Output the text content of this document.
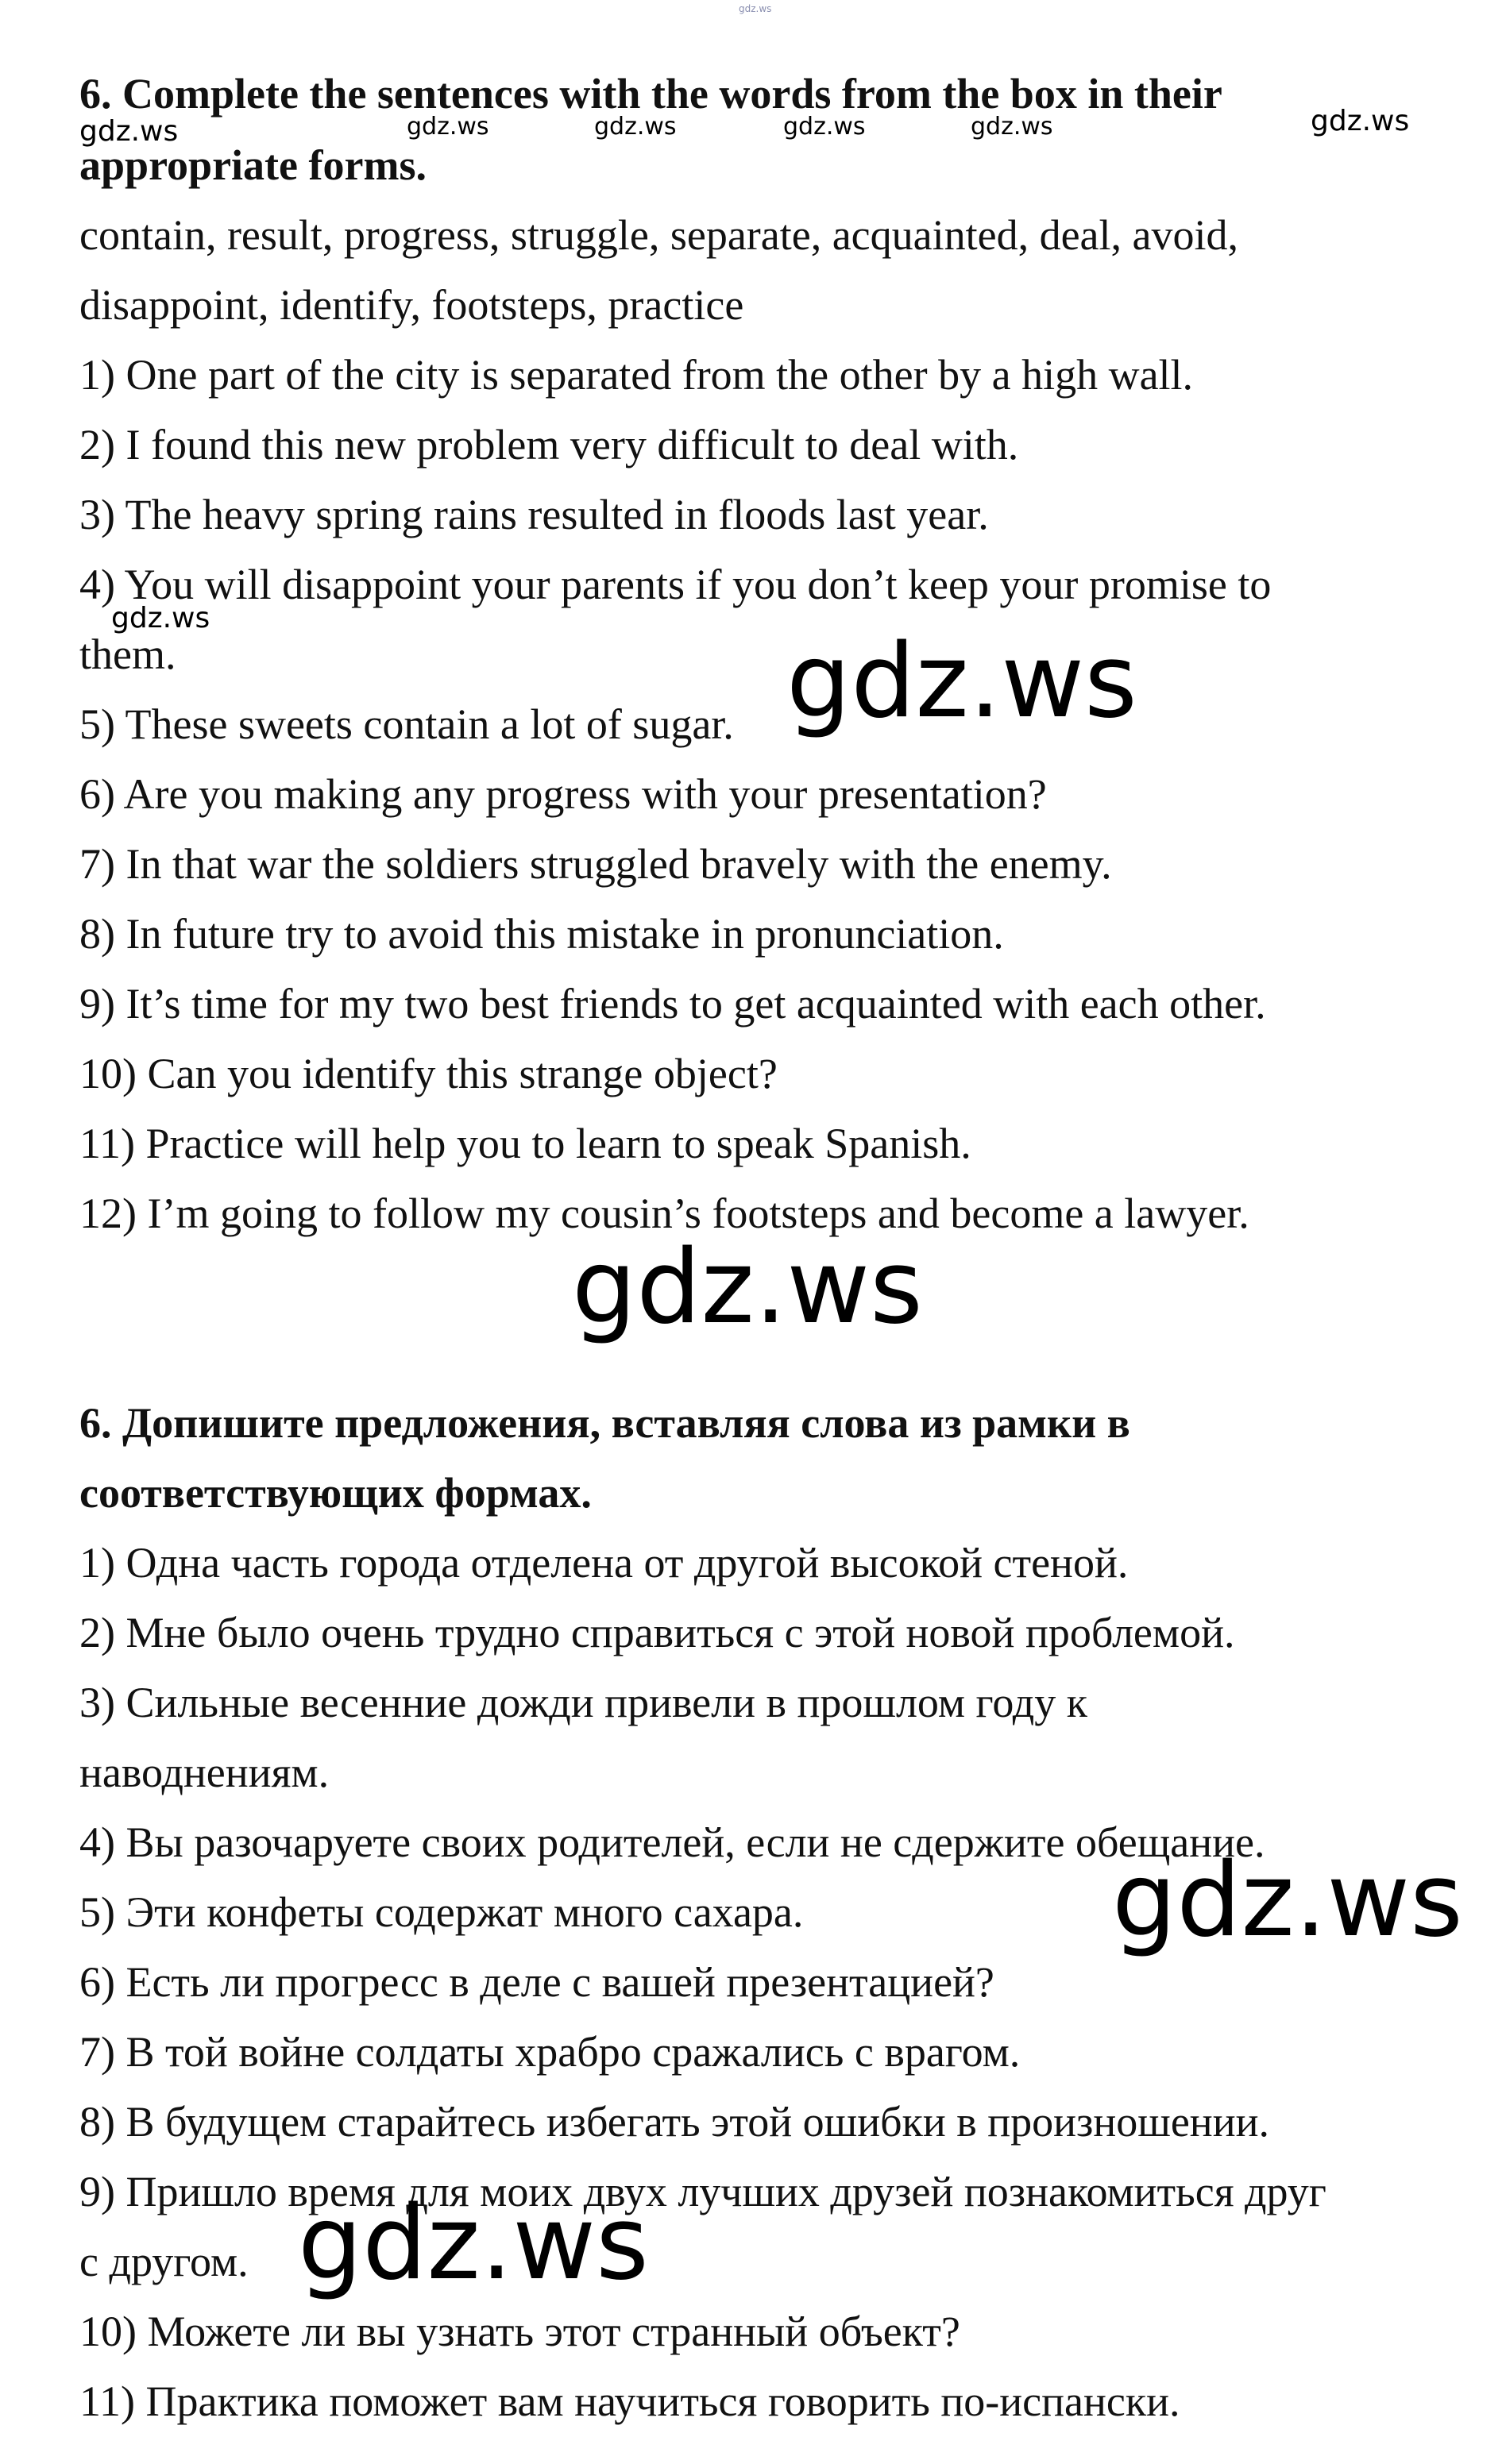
gdz.ws
6. Complete the sentences with the words from the box in their
appropriate forms.
contain, result, progress, struggle, separate, acquainted, deal, avoid,
disappoint, identify, footsteps, practice
1) One part of the city is separated from the other by a high wall.
2) I found this new problem very difficult to deal with.
3) The heavy spring rains resulted in floods last year.
4) You will disappoint your parents if you don’t keep your promise to
them.
5) These sweets contain a lot of sugar.
6) Are you making any progress with your presentation?
7) In that war the soldiers struggled bravely with the enemy.
8) In future try to avoid this mistake in pronunciation.
9) It’s time for my two best friends to get acquainted with each other.
10) Can you identify this strange object?
11) Practice will help you to learn to speak Spanish.
12) I’m going to follow my cousin’s footsteps and become a lawyer.
6. Допишите предложения, вставляя слова из рамки в
соответствующих формах.
1) Одна часть города отделена от другой высокой стеной.
2) Мне было очень трудно справиться с этой новой проблемой.
3) Сильные весенние дожди привели в прошлом году к
наводнениям.
4) Вы разочаруете своих родителей, если не сдержите обещание.
5) Эти конфеты содержат много сахара.
6) Есть ли прогресс в деле с вашей презентацией?
7) В той войне солдаты храбро сражались с врагом.
8) В будущем старайтесь избегать этой ошибки в произношении.
9) Пришло время для моих двух лучших друзей познакомиться друг
с другом.
10) Можете ли вы узнать этот странный объект?
11) Практика поможет вам научиться говорить по-испански.
gdz.ws	gdz.ws	gdz.ws	gdz.ws	gdz.ws	gdz.ws
gdz.ws
gdz.ws
gdz.ws
gdz.ws
gdz.ws
